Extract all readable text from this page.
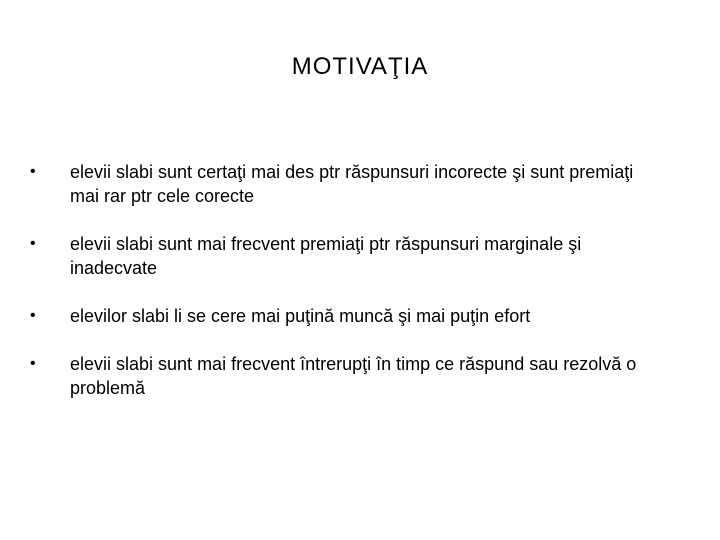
MOTIVAŢIA
•	elevii slabi sunt certaţi mai des ptr răspunsuri incorecte şi sunt premiaţi mai rar ptr cele corecte
•	elevii slabi sunt mai frecvent premiaţi ptr răspunsuri marginale şi inadecvate
•	elevilor slabi li se cere mai puţină muncă şi mai puţin efort
•	elevii slabi sunt mai frecvent întrerupţi în timp ce răspund sau rezolvă o problemă
